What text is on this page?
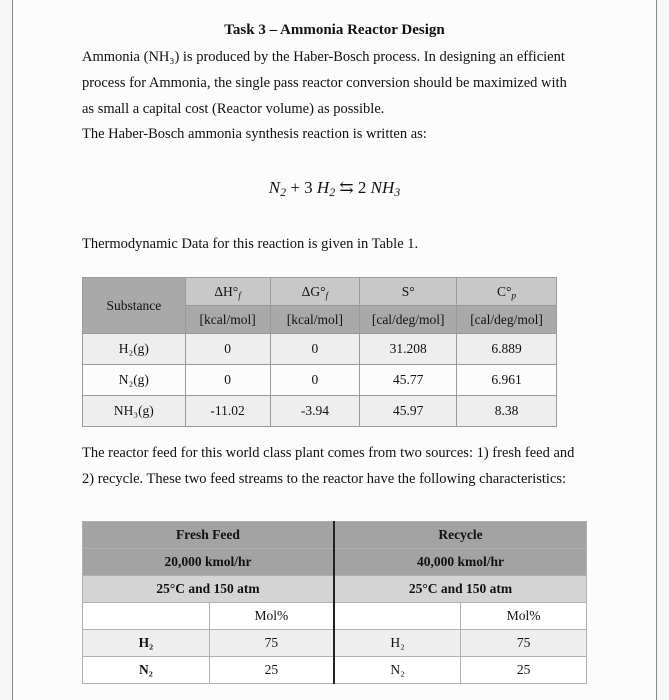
Task 3 – Ammonia Reactor Design
Ammonia (NH₃) is produced by the Haber-Bosch process. In designing an efficient
process for Ammonia, the single pass reactor conversion should be maximized with
as small a capital cost (Reactor volume) as possible.
The Haber-Bosch ammonia synthesis reaction is written as:
$N_2 + 3$ $H_2$ ⇆ 2 $NH_3$
Thermodynamic Data for this reaction is given in Table 1.
Substance	$\Delta H^\circ_f$	$\Delta G^\circ_f$	S°	$C^\circ_p$
	[kcal/mol]	[kcal/mol]	[cal/deg/mol]	[cal/deg/mol]
H₂(g)	0	0	31.208	6.889
N₂(g)	0	0	45.77	6.961
NH₃(g)	-11.02	-3.94	45.97	8.38
The reactor feed for this world class plant comes from two sources: 1) fresh feed and
2) recycle. These two feed streams to the reactor have the following characteristics:
Fresh Feed		Recycle	
20,000 kmol/hr		40,000 kmol/hr	
25°C and 150 atm		25°C and 150 atm	
	Mol%		Mol%
H₂	75	H₂	75
N₂	25	N₂	25
